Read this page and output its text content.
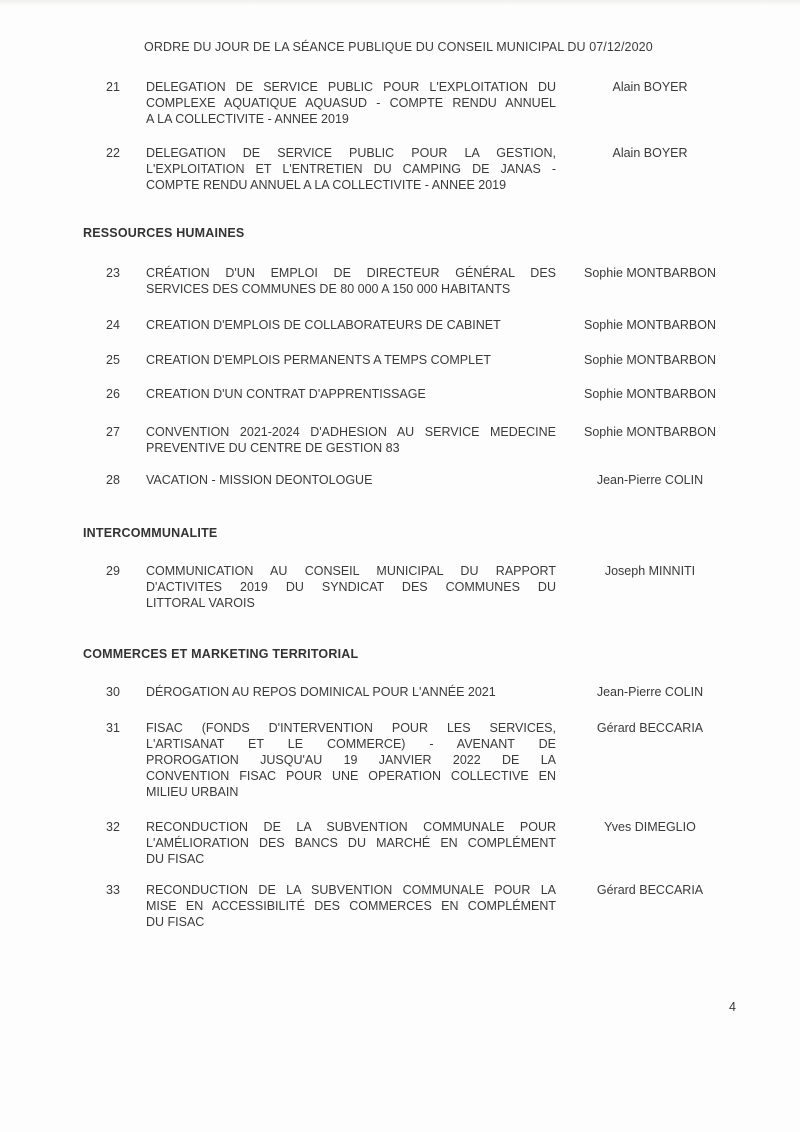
ORDRE DU JOUR DE LA SÉANCE PUBLIQUE DU CONSEIL MUNICIPAL DU 07/12/2020
21 DELEGATION DE SERVICE PUBLIC POUR L'EXPLOITATION DU
COMPLEXE AQUATIQUE AQUASUD - COMPTE RENDU ANNUEL
A LA COLLECTIVITE - ANNEE 2019
Alain BOYER
22 DELEGATION DE SERVICE PUBLIC POUR LA GESTION,
L'EXPLOITATION ET L'ENTRETIEN DU CAMPING DE JANAS -
COMPTE RENDU ANNUEL A LA COLLECTIVITE - ANNEE 2019
Alain BOYER
RESSOURCES HUMAINES
23 CRÉATION D'UN EMPLOI DE DIRECTEUR GÉNÉRAL DES
SERVICES DES COMMUNES DE 80 000 A 150 000 HABITANTS
Sophie MONTBARBON
24 CREATION D'EMPLOIS DE COLLABORATEURS DE CABINET	Sophie MONTBARBON
25 CREATION D'EMPLOIS PERMANENTS A TEMPS COMPLET	Sophie MONTBARBON
26 CREATION D'UN CONTRAT D'APPRENTISSAGE	Sophie MONTBARBON
27 CONVENTION 2021-2024 D'ADHESION AU SERVICE MEDECINE
PREVENTIVE DU CENTRE DE GESTION 83
Sophie MONTBARBON
28 VACATION - MISSION DEONTOLOGUE	Jean-Pierre COLIN
INTERCOMMUNALITE
29 COMMUNICATION AU CONSEIL MUNICIPAL DU RAPPORT
D'ACTIVITES 2019 DU SYNDICAT DES COMMUNES DU
LITTORAL VAROIS
Joseph MINNITI
COMMERCES ET MARKETING TERRITORIAL
30 DÉROGATION AU REPOS DOMINICAL POUR L'ANNÉE 2021	Jean-Pierre COLIN
31 FISAC (FONDS D'INTERVENTION POUR LES SERVICES,
L'ARTISANAT ET LE COMMERCE) - AVENANT DE
PROROGATION JUSQU'AU 19 JANVIER 2022 DE LA
CONVENTION FISAC POUR UNE OPERATION COLLECTIVE EN
MILIEU URBAIN
Gérard BECCARIA
32 RECONDUCTION DE LA SUBVENTION COMMUNALE POUR
L'AMÉLIORATION DES BANCS DU MARCHÉ EN COMPLÉMENT
DU FISAC
Yves DIMEGLIO
33 RECONDUCTION DE LA SUBVENTION COMMUNALE POUR LA
MISE EN ACCESSIBILITÉ DES COMMERCES EN COMPLÉMENT
DU FISAC
Gérard BECCARIA
4
